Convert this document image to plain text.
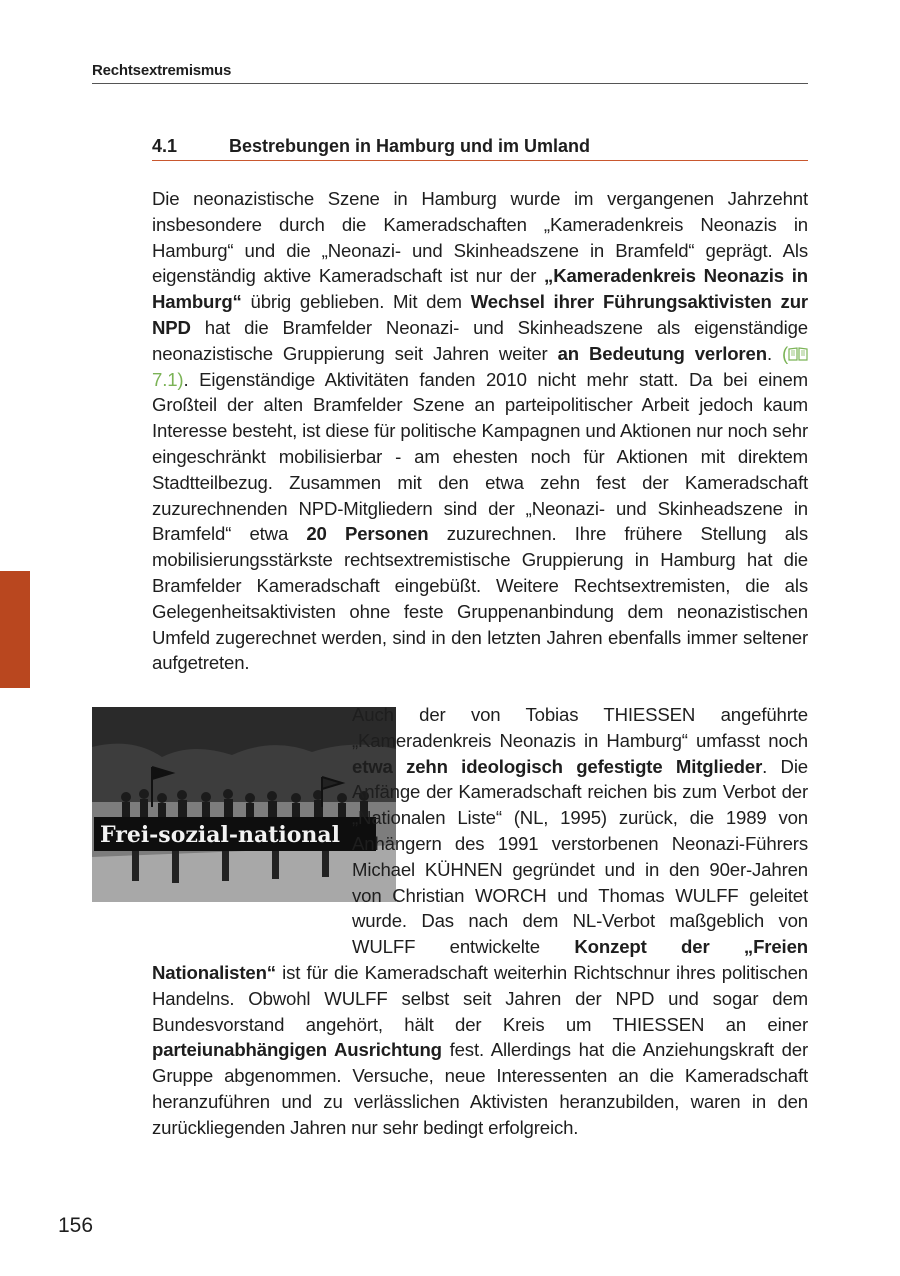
Rechtsextremismus
4.1	Bestrebungen in Hamburg und im Umland
Die neonazistische Szene in Hamburg wurde im vergangenen Jahrzehnt insbesondere durch die Kameradschaften „Kameradenkreis Neonazis in Hamburg“ und die „Neonazi- und Skinheadszene in Bramfeld“ geprägt. Als eigenständig aktive Kameradschaft ist nur der „Kameradenkreis Neonazis in Hamburg“ übrig geblieben. Mit dem Wechsel ihrer Führungsaktivisten zur NPD hat die Bramfelder Neonazi- und Skinheadszene als eigenständige neonazistische Gruppierung seit Jahren weiter an Bedeutung verloren. ( 7.1). Eigenständige Aktivitäten fanden 2010 nicht mehr statt. Da bei einem Großteil der alten Bramfelder Szene an parteipolitischer Arbeit jedoch kaum Interesse besteht, ist diese für politische Kampagnen und Aktionen nur noch sehr eingeschränkt mobilisierbar - am ehesten noch für Aktionen mit direktem Stadtteilbezug. Zusammen mit den etwa zehn fest der Kameradschaft zuzurechnenden NPD-Mitgliedern sind der „Neonazi- und Skinheadszene in Bramfeld“ etwa 20 Personen zuzurechnen. Ihre frühere Stellung als mobilisierungsstärkste rechtsextremistische Gruppierung in Hamburg hat die Bramfelder Kameradschaft eingebüßt. Weitere Rechtsextremisten, die als Gelegenheitsaktivisten ohne feste Gruppenanbindung dem neonazistischen Umfeld zugerechnet werden, sind in den letzten Jahren ebenfalls immer seltener aufgetreten.
Frei-sozial-national
Auch der von Tobias THIESSEN angeführte „Kameradenkreis Neonazis in Hamburg“ umfasst noch etwa zehn ideologisch gefestigte Mitglieder. Die Anfänge der Kameradschaft reichen bis zum Verbot der „Nationalen Liste“ (NL, 1995) zurück, die 1989 von Anhängern des 1991 verstorbenen Neonazi-Führers Michael KÜHNEN gegründet und in den 90er-Jahren von Christian WORCH und Thomas WULFF geleitet wurde. Das nach dem NL-Verbot maßgeblich von WULFF entwickelte Konzept der „Freien Nationalisten“ ist für die Kameradschaft weiterhin Richtschnur ihres politischen Handelns. Obwohl WULFF selbst seit Jahren der NPD und sogar dem Bundesvorstand angehört, hält der Kreis um THIESSEN an einer parteiunabhängigen Ausrichtung fest. Allerdings hat die Anziehungskraft der Gruppe abgenommen. Versuche, neue Interessenten an die Kameradschaft heranzuführen und zu verlässlichen Aktivisten heranzubilden, waren in den zurückliegenden Jahren nur sehr bedingt erfolgreich.
156
